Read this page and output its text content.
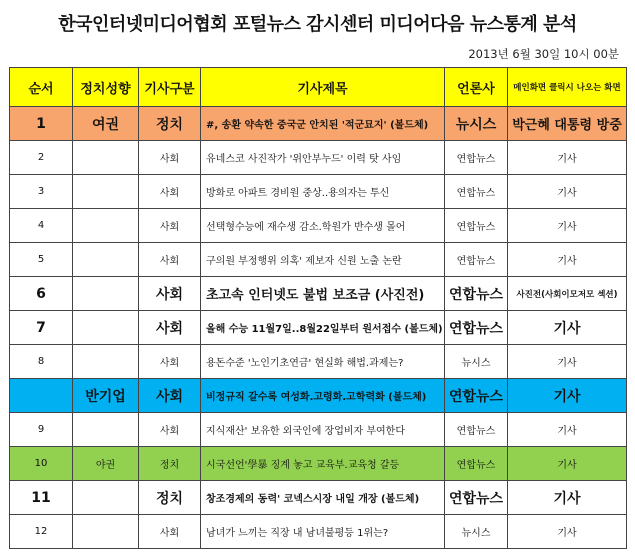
한국인터넷미디어협회 포털뉴스 감시센터 미디어다음 뉴스통계 분석
2013년 6월 30일 10시 00분
순서	정치성향	기사구분	기사제목	언론사	메인화면 클릭시 나오는 화면
1	여권	정치	#, 송환 약속한 중국군 안치된 '적군묘지' (볼드체)	뉴시스	박근혜 대통령 방중
2		사회	유네스코 사진작가 '위안부누드' 이력 탓 사임	연합뉴스	기사
3		사회	방화로 아파트 경비원 중상..용의자는 투신	연합뉴스	기사
4		사회	선택형수능에 재수생 감소.학원가 반수생 몰어	연합뉴스	기사
5		사회	구의원 부정행위 의혹' 제보자 신원 노출 논란	연합뉴스	기사
6		사회	초고속 인터넷도 불법 보조금 (사진전)	연합뉴스	사진전(사회이모저모 섹션)
7		사회	올해 수능 11월7일..8월22일부터 원서접수 (볼드체)	연합뉴스	기사
8		사회	용돈수준 '노인기초연금' 현실화 해법.과제는?	뉴시스	기사
	반기업	사회	비정규직 갈수록 여성화.고령화.고학력화 (볼드체)	연합뉴스	기사
9		사회	지식재산' 보유한 외국인에 장업비자 부여한다	연합뉴스	기사
10	야권	정치	시국선언'學暴 징계 놓고 교육부.교육청 갈등	연합뉴스	기사
11		정치	창조경제의 동력' 코넥스시장 내일 개장 (볼드체)	연합뉴스	기사
12		사회	남녀가 느끼는 직장 내 남녀불평등 1위는?	뉴시스	기사
